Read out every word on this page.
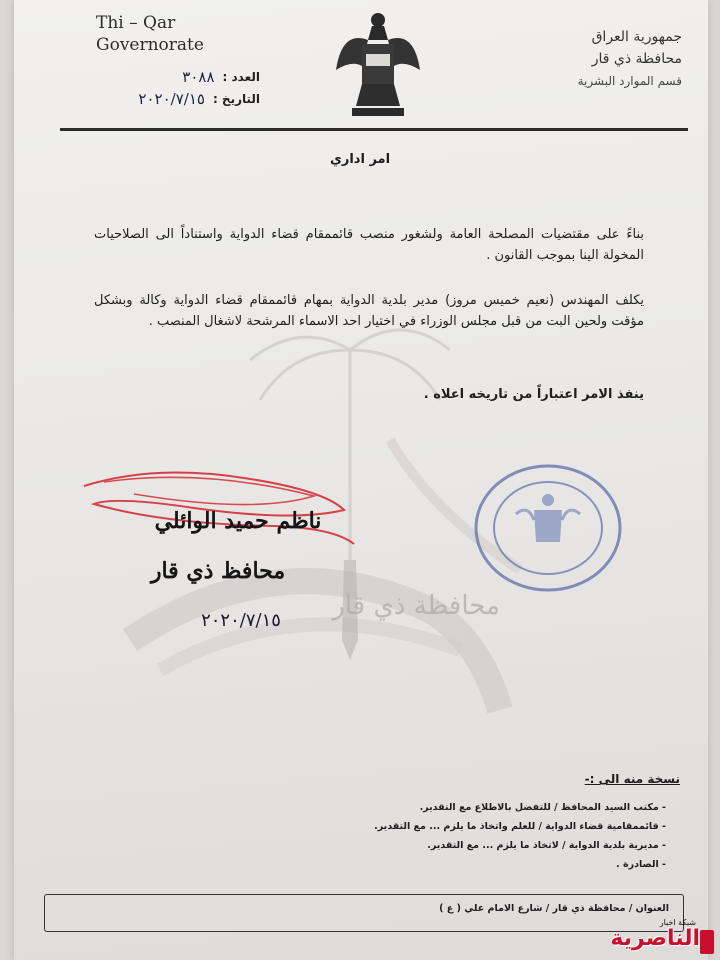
محافظة ذي قار
Thi – Qar
Governorate
العدد :
٣٠٨٨
التاريخ :
٢٠٢٠/٧/١٥
جمهورية العراق
محافظة ذي قار
قسم الموارد البشرية
امر اداري
بناءً على مقتضيات المصلحة العامة ولشغور منصب قائممقام قضاء الدواية واستناداً الى الصلاحيات المخولة الينا بموجب القانون .
يكلف المهندس (نعيم خميس مروز) مدير بلدية الدواية بمهام قائممقام قضاء الدواية وكالة وبشكل مؤقت ولحين البت من قبل مجلس الوزراء في اختيار احد الاسماء المرشحة لاشغال المنصب .
ينفذ الامر اعتباراً من تاريخه اعلاه .
ناظم حميد الوائلي
محافظ ذي قار
٢٠٢٠/٧/١٥
نسخة منه الى :-
- مكتب السيد المحافظ / للتفضل بالاطلاع مع التقدير.
- قائممقامية قضاء الدواية / للعلم واتخاذ ما يلزم ... مع التقدير.
- مديرية بلدية الدواية / لاتخاذ ما يلزم ... مع التقدير.
- الصادرة .
العنوان / محافظة ذي قار / شارع الامام علي ( ع )
شبكة اخبار
الناصرية
